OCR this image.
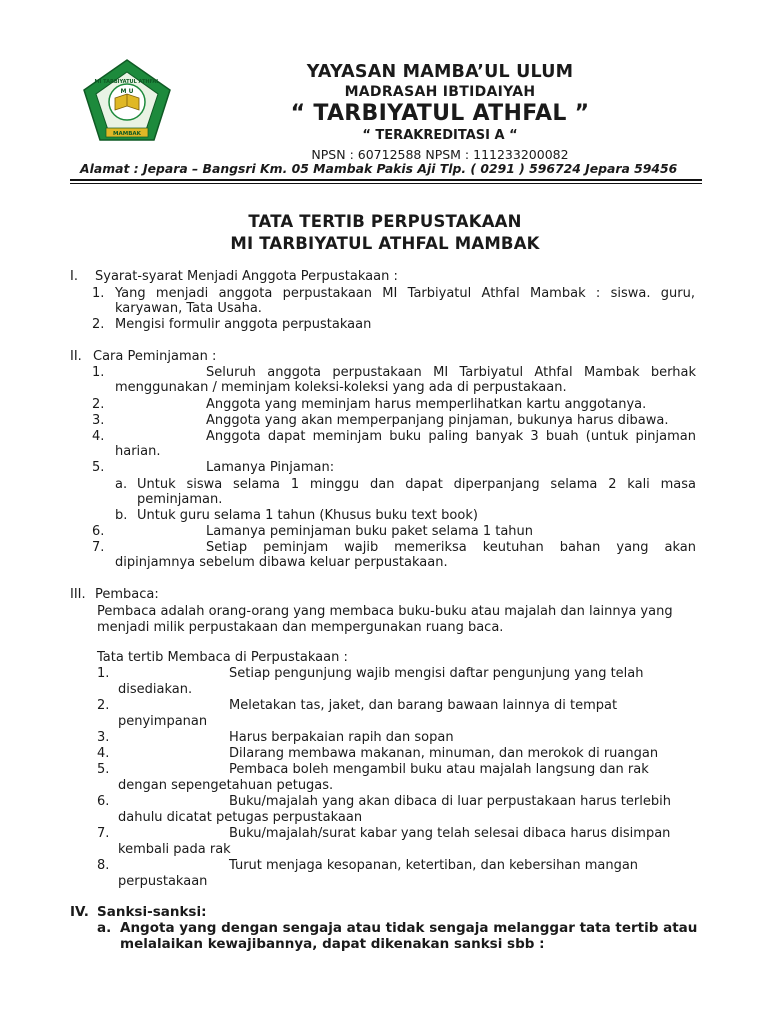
MI TARBIYATUL ATHFAL
M U
MAMBAK
YAYASAN MAMBA’UL ULUM
MADRASAH IBTIDAIYAH
“ TARBIYATUL ATHFAL ”
“ TERAKREDITASI A “
NPSN : 60712588 NPSM : 111233200082
Alamat : Jepara – Bangsri Km. 05 Mambak Pakis Aji Tlp. ( 0291 ) 596724 Jepara 59456
TATA TERTIB PERPUSTAKAAN
MI TARBIYATUL ATHFAL MAMBAK
I. Syarat-syarat Menjadi Anggota Perpustakaan :
1. Yang menjadi anggota perpustakaan MI Tarbiyatul Athfal Mambak : siswa. guru,
karyawan, Tata Usaha.
2. Mengisi formulir anggota perpustakaan
II. Cara Peminjaman :
1.	Seluruh anggota perpustakaan MI Tarbiyatul Athfal Mambak berhak
menggunakan / meminjam koleksi-koleksi yang ada di perpustakaan.
2.	Anggota yang meminjam harus memperlihatkan kartu anggotanya.
3.	Anggota yang akan memperpanjang pinjaman, bukunya harus dibawa.
4.	Anggota dapat meminjam buku paling banyak 3 buah (untuk pinjaman
harian.
5.	Lamanya Pinjaman:
a. Untuk siswa selama 1 minggu dan dapat diperpanjang selama 2 kali masa
peminjaman.
b. Untuk guru selama 1 tahun (Khusus buku text book)
6.	Lamanya peminjaman buku paket selama 1 tahun
7.	Setiap peminjam wajib memeriksa keutuhan bahan yang akan
dipinjamnya sebelum dibawa keluar perpustakaan.
III. Pembaca:
Pembaca adalah orang-orang yang membaca buku-buku atau majalah dan lainnya yang
menjadi milik perpustakaan dan mempergunakan ruang baca.
Tata tertib Membaca di Perpustakaan :
1.	Setiap pengunjung wajib mengisi daftar pengunjung yang telah
disediakan.
2.	Meletakan tas, jaket, dan barang bawaan lainnya di tempat
penyimpanan
3.	Harus berpakaian rapih dan sopan
4.	Dilarang membawa makanan, minuman, dan merokok di ruangan
5.	Pembaca boleh mengambil buku atau majalah langsung dan rak
dengan sepengetahuan petugas.
6.	Buku/majalah yang akan dibaca di luar perpustakaan harus terlebih
dahulu dicatat petugas perpustakaan
7.	Buku/majalah/surat kabar yang telah selesai dibaca harus disimpan
kembali pada rak
8.	Turut menjaga kesopanan, ketertiban, dan kebersihan mangan
perpustakaan
IV. Sanksi-sanksi:
a. Angota yang dengan sengaja atau tidak sengaja melanggar tata tertib atau
melalaikan kewajibannya, dapat dikenakan sanksi sbb :
